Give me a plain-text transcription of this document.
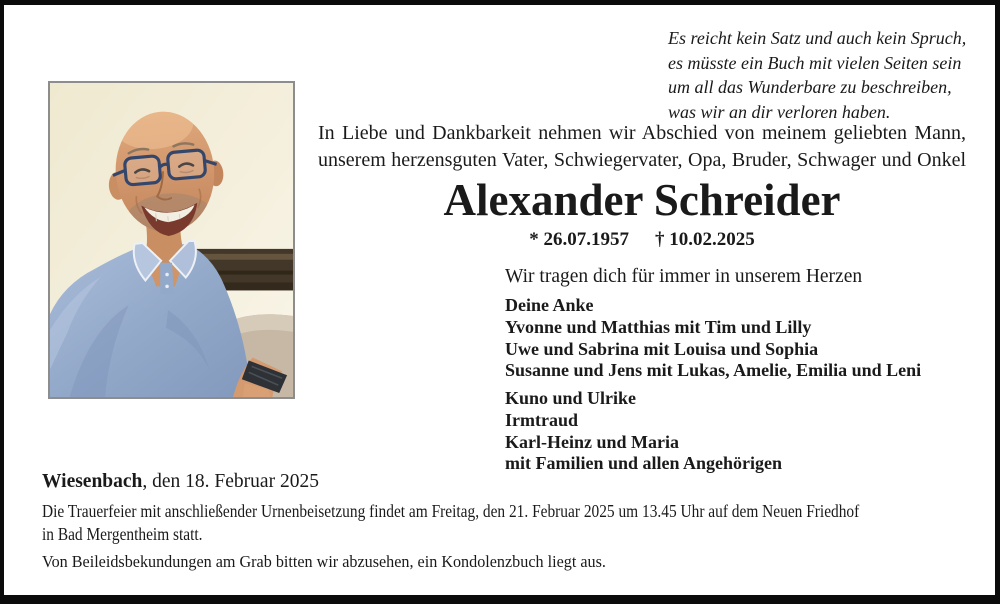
Es reicht kein Satz und auch kein Spruch,
es müsste ein Buch mit vielen Seiten sein
um all das Wunderbare zu beschreiben,
was wir an dir verloren haben.
In Liebe und Dankbarkeit nehmen wir Abschied von meinem geliebten Mann,
unserem herzensguten Vater, Schwiegervater, Opa, Bruder, Schwager und Onkel
Alexander Schreider
* 26.07.1957 † 10.02.2025
Wir tragen dich für immer in unserem Herzen
Deine Anke
Yvonne und Matthias mit Tim und Lilly
Uwe und Sabrina mit Louisa und Sophia
Susanne und Jens mit Lukas, Amelie, Emilia und Leni
Kuno und Ulrike
Irmtraud
Karl-Heinz und Maria
mit Familien und allen Angehörigen
Wiesenbach, den 18. Februar 2025
Die Trauerfeier mit anschließender Urnenbeisetzung findet am Freitag, den 21. Februar 2025 um 13.45 Uhr auf dem Neuen Friedhof
in Bad Mergentheim statt.
Von Beileidsbekundungen am Grab bitten wir abzusehen, ein Kondolenzbuch liegt aus.
